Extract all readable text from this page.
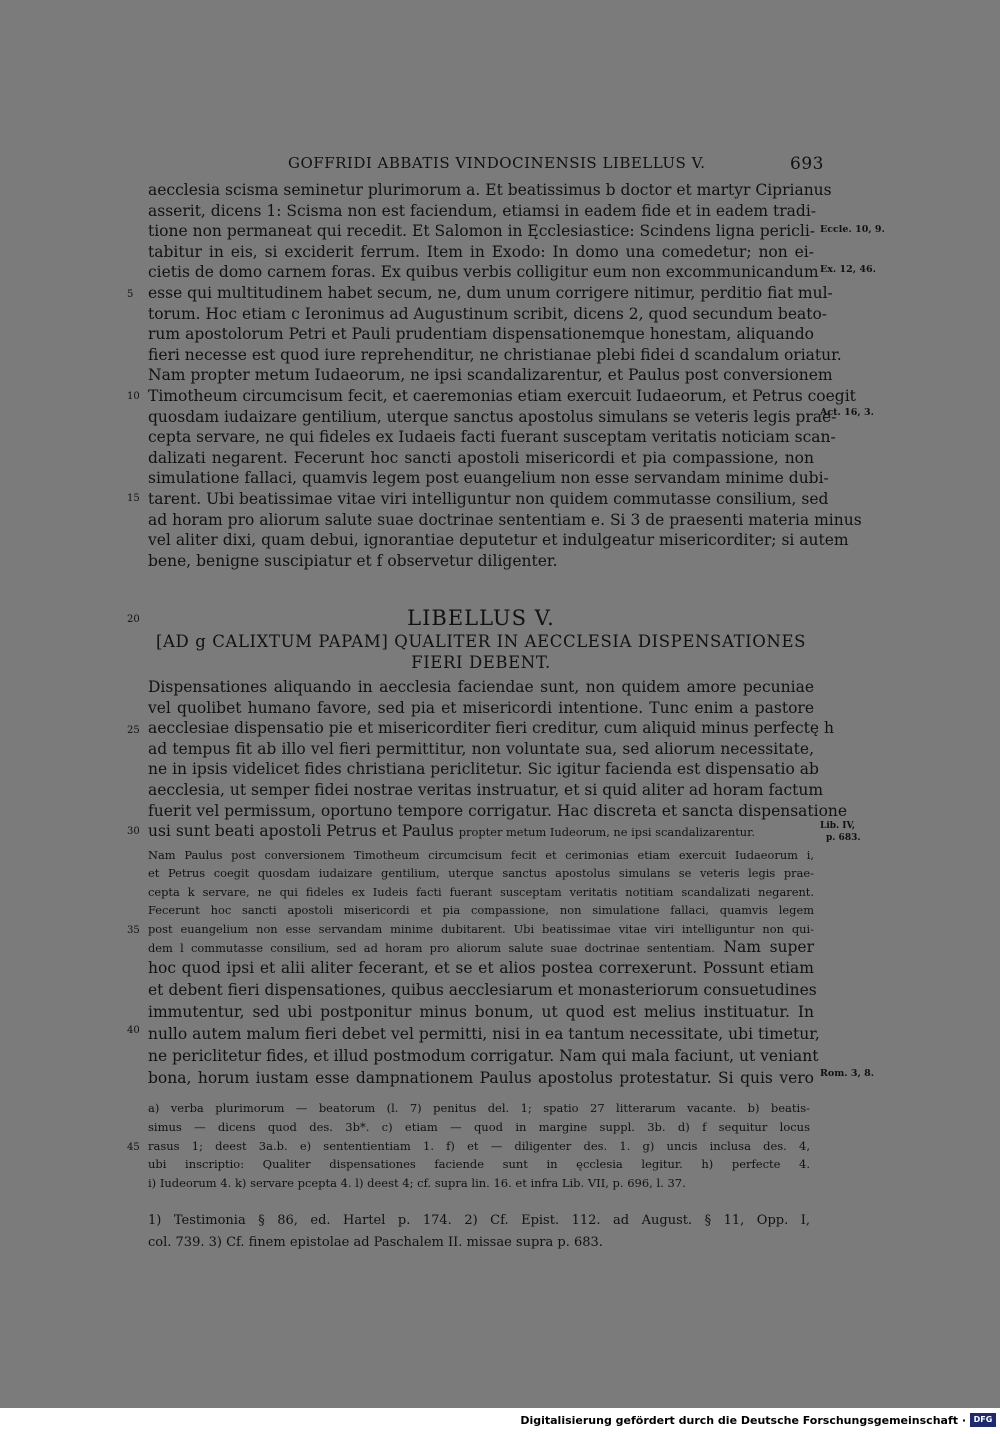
GOFFRIDI ABBATIS VINDOCINENSIS LIBELLUS V.	693
aecclesia scisma seminetur plurimorum a. Et beatissimus b doctor et martyr Ciprianus
asserit, dicens 1: Scisma non est faciendum, etiamsi in eadem fide et in eadem tradi-
tione non permaneat qui recedit. Et Salomon in Ęcclesiastice: Scindens ligna pericli-
tabitur in eis, si exciderit ferrum. Item in Exodo: In domo una comedetur; non ei-
cietis de domo carnem foras. Ex quibus verbis colligitur eum non excommunicandum
esse qui multitudinem habet secum, ne, dum unum corrigere nitimur, perditio fiat mul-
torum. Hoc etiam c Ieronimus ad Augustinum scribit, dicens 2, quod secundum beato-
rum apostolorum Petri et Pauli prudentiam dispensationemque honestam, aliquando
fieri necesse est quod iure reprehenditur, ne christianae plebi fidei d scandalum oriatur.
Nam propter metum Iudaeorum, ne ipsi scandalizarentur, et Paulus post conversionem
Timotheum circumcisum fecit, et caeremonias etiam exercuit Iudaeorum, et Petrus coegit
quosdam iudaizare gentilium, uterque sanctus apostolus simulans se veteris legis prae-
cepta servare, ne qui fideles ex Iudaeis facti fuerant susceptam veritatis noticiam scan-
dalizati negarent. Fecerunt hoc sancti apostoli misericordi et pia compassione, non
simulatione fallaci, quamvis legem post euangelium non esse servandam minime dubi-
tarent. Ubi beatissimae vitae viri intelliguntur non quidem commutasse consilium, sed
ad horam pro aliorum salute suae doctrinae sententiam e. Si 3 de praesenti materia minus
vel aliter dixi, quam debui, ignorantiae deputetur et indulgeatur misericorditer; si autem
bene, benigne suscipiatur et f observetur diligenter.
LIBELLUS V.
[AD g CALIXTUM PAPAM] QUALITER IN AECCLESIA DISPENSATIONES
FIERI DEBENT.
Dispensationes aliquando in aecclesia faciendae sunt, non quidem amore pecuniae
vel quolibet humano favore, sed pia et misericordi intentione. Tunc enim a pastore
aecclesiae dispensatio pie et misericorditer fieri creditur, cum aliquid minus perfectę h
ad tempus fit ab illo vel fieri permittitur, non voluntate sua, sed aliorum necessitate,
ne in ipsis videlicet fides christiana periclitetur. Sic igitur facienda est dispensatio ab
aecclesia, ut semper fidei nostrae veritas instruatur, et si quid aliter ad horam factum
fuerit vel permissum, oportuno tempore corrigatur. Hac discreta et sancta dispensatione
usi sunt beati apostoli Petrus et Paulus propter metum Iudeorum, ne ipsi scandalizarentur.
Nam Paulus post conversionem Timotheum circumcisum fecit et cerimonias etiam exercuit Iudaeorum i,
et Petrus coegit quosdam iudaizare gentilium, uterque sanctus apostolus simulans se veteris legis prae-
cepta k servare, ne qui fideles ex Iudeis facti fuerant susceptam veritatis notitiam scandalizati negarent.
Fecerunt hoc sancti apostoli misericordi et pia compassione, non simulatione fallaci, quamvis legem
post euangelium non esse servandam minime dubitarent. Ubi beatissimae vitae viri intelliguntur non qui-
dem l commutasse consilium, sed ad horam pro aliorum salute suae doctrinae sententiam. Nam super
hoc quod ipsi et alii aliter fecerant, et se et alios postea correxerunt. Possunt etiam
et debent fieri dispensationes, quibus aecclesiarum et monasteriorum consuetudines
immutentur, sed ubi postponitur minus bonum, ut quod est melius instituatur. In
nullo autem malum fieri debet vel permitti, nisi in ea tantum necessitate, ubi timetur,
ne periclitetur fides, et illud postmodum corrigatur. Nam qui mala faciunt, ut veniant
bona, horum iustam esse dampnationem Paulus apostolus protestatur. Si quis vero
5
10
15
20
25
30
35
40
45
Eccle. 10, 9.
Ex. 12, 46.
Act. 16, 3.
Lib. IV,
p. 683.
Rom. 3, 8.
a) verba plurimorum — beatorum (l. 7) penitus del. 1; spatio 27 litterarum vacante. b) beatis-
simus — dicens quod des. 3b*. c) etiam — quod in margine suppl. 3b. d) f sequitur locus
rasus 1; deest 3a.b. e) sententientiam 1. f) et — diligenter des. 1. g) uncis inclusa des. 4,
ubi inscriptio: Qualiter dispensationes faciende sunt in ęcclesia legitur. h) perfecte 4.
i) Iudeorum 4. k) servare pcepta 4. l) deest 4; cf. supra lin. 16. et infra Lib. VII, p. 696, l. 37.
1) Testimonia § 86, ed. Hartel p. 174. 2) Cf. Epist. 112. ad August. § 11, Opp. I,
col. 739. 3) Cf. finem epistolae ad Paschalem II. missae supra p. 683.
Digitalisierung gefördert durch die Deutsche Forschungsgemeinschaft · DFG
